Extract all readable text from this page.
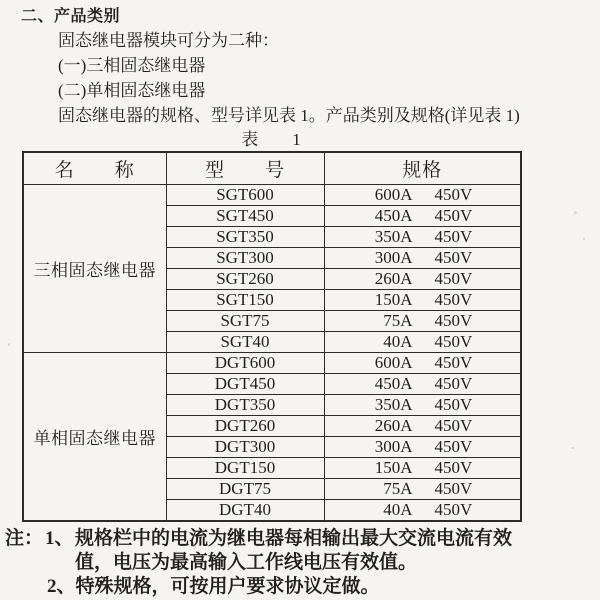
二、产品类别
固态继电器模块可分为二种：
(一)三相固态继电器
(二)单相固态继电器
固态继电器的规格、型号详见表 1。产品类别及规格(详见表 1)
表　　1
名　　称	型　　号	规格
三相固态继电器	SGT600	600A 450V
	SGT450	450A 450V
	SGT350	350A 450V
	SGT300	300A 450V
	SGT260	260A 450V
	SGT150	150A 450V
	SGT75	75A 450V
	SGT40	40A 450V
单相固态继电器	DGT600	600A 450V
	DGT450	450A 450V
	DGT350	350A 450V
	DGT260	260A 450V
	DGT300	300A 450V
	DGT150	150A 450V
	DGT75	75A 450V
	DGT40	40A 450V
注： 1、规格栏中的电流为继电器每相输出最大交流电流有效
值，电压为最高输入工作线电压有效值。
2、特殊规格，可按用户要求协议定做。
